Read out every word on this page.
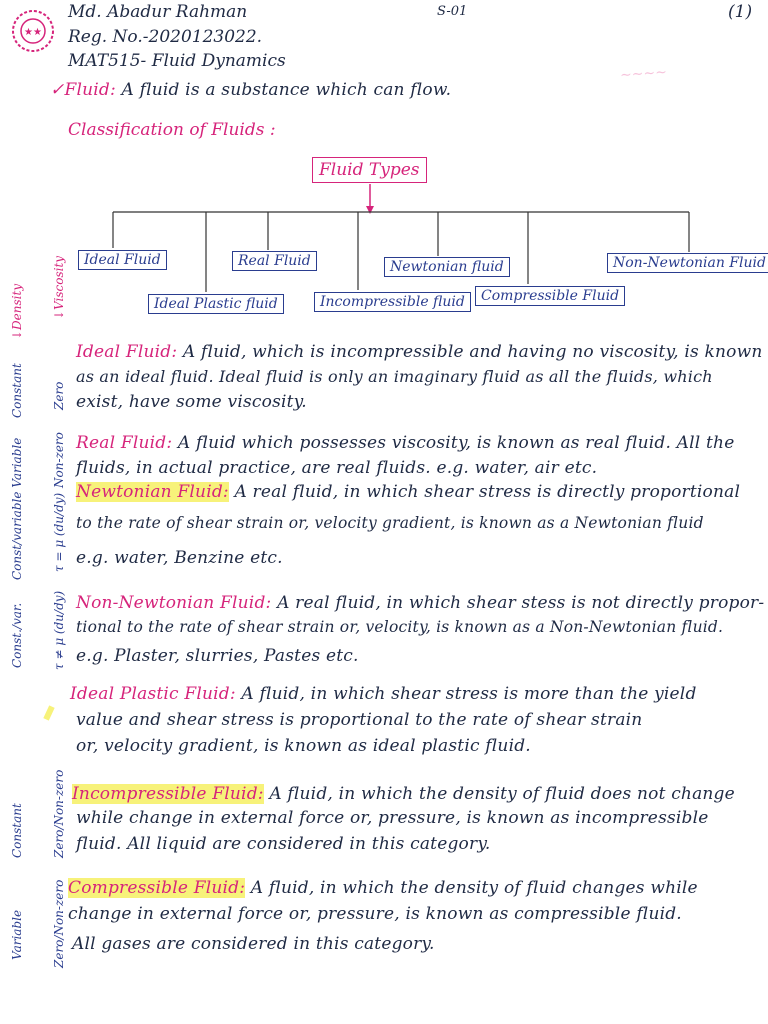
★★
Md. Abadur Rahman
Reg. No.-2020123022.
MAT515- Fluid Dynamics
S-01	(1)
~~~~
✓Fluid: A fluid is a substance which can flow.
Classification of Fluids :
Fluid Types
Ideal Fluid	Real Fluid	Newtonian fluid	Non-Newtonian Fluid
Ideal Plastic fluid	Incompressible fluid	Compressible Fluid
↓Viscosity
↓Density
Constant Zero
Const/variable Variable Non-zero
τ = μ (du/dy)
Const./var. τ ≠ μ (du/dy)
Zero/Non-zero
Constant
Zero/Non-zero
Variable
Ideal Fluid: A fluid, which is incompressible and having no viscosity, is known
as an ideal fluid. Ideal fluid is only an imaginary fluid as all the fluids, which
exist, have some viscosity.
Real Fluid: A fluid which possesses viscosity, is known as real fluid. All the
fluids, in actual practice, are real fluids. e.g. water, air etc.
Newtonian Fluid: A real fluid, in which shear stress is directly proportional
to the rate of shear strain or, velocity gradient, is known as a Newtonian fluid
e.g. water, Benzine etc.
Non-Newtonian Fluid: A real fluid, in which shear stess is not directly propor-
tional to the rate of shear strain or, velocity, is known as a Non-Newtonian fluid.
e.g. Plaster, slurries, Pastes etc.
Ideal Plastic Fluid: A fluid, in which shear stress is more than the yield
value and shear stress is proportional to the rate of shear strain
or, velocity gradient, is known as ideal plastic fluid.
Incompressible Fluid: A fluid, in which the density of fluid does not change
while change in external force or, pressure, is known as incompressible
fluid. All liquid are considered in this category.
Compressible Fluid: A fluid, in which the density of fluid changes while
change in external force or, pressure, is known as compressible fluid.
All gases are considered in this category.
